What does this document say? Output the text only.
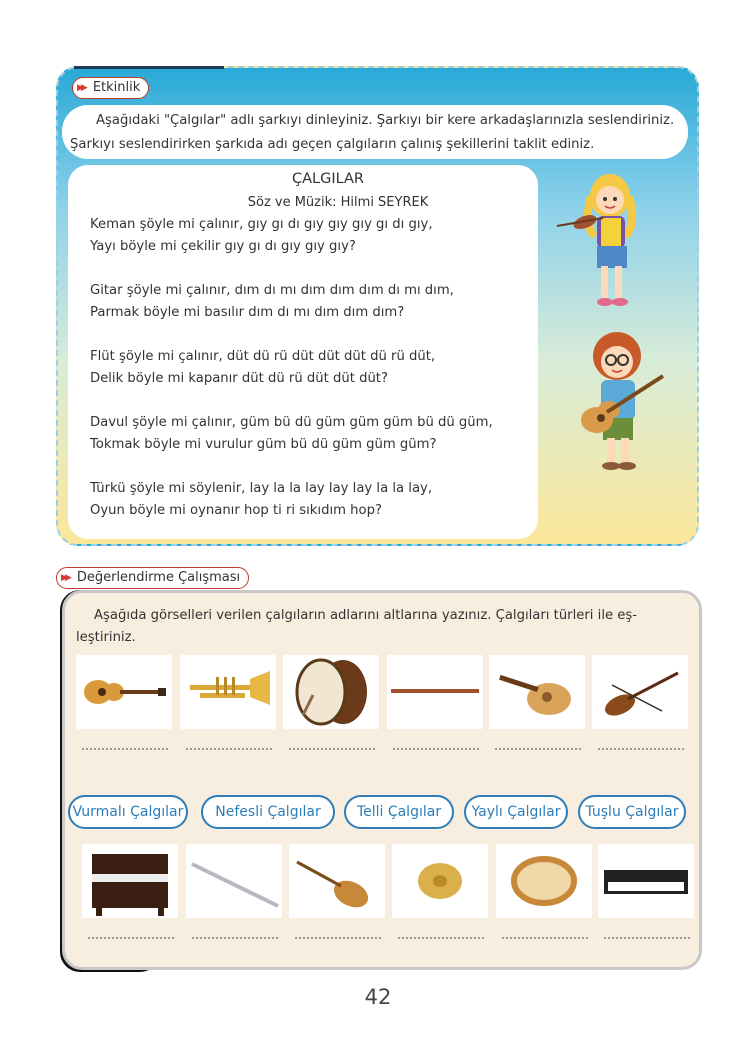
▶▶ Etkinlik

Aşağıdaki "Çalgılar" adlı şarkıyı dinleyiniz. Şarkıyı bir kere arkadaşlarınızla seslendiriniz.

Şarkıyı seslendirirken şarkıda adı geçen çalgıların çalınış şekillerini taklit ediniz.

ÇALGILAR
Söz ve Müzik: Hilmi SEYREK
Keman şöyle mi çalınır, gıy gı dı gıy gıy gıy gı dı gıy,
Yayı böyle mi çekilir gıy gı dı gıy gıy gıy?
Gitar şöyle mi çalınır, dım dı mı dım dım dım dı mı dım,
Parmak böyle mi basılır dım dı mı dım dım dım?
Flüt şöyle mi çalınır, düt dü rü düt düt düt dü rü düt,
Delik böyle mi kapanır düt dü rü düt düt düt?
Davul şöyle mi çalınır, güm bü dü güm güm güm bü dü güm,
Tokmak böyle mi vurulur güm bü dü güm güm güm?
Türkü şöyle mi söylenir, lay la la lay lay lay la la lay,
Oyun böyle mi oynanır hop ti ri sıkıdım hop?
▶▶ Değerlendirme Çalışması
Aşağıda görselleri verilen çalgıların adlarını altlarına yazınız. Çalgıları türleri ile eş-leştiriniz.
Vurmalı Çalgılar	Nefesli Çalgılar	Telli Çalgılar	Yaylı Çalgılar	Tuşlu Çalgılar
42
